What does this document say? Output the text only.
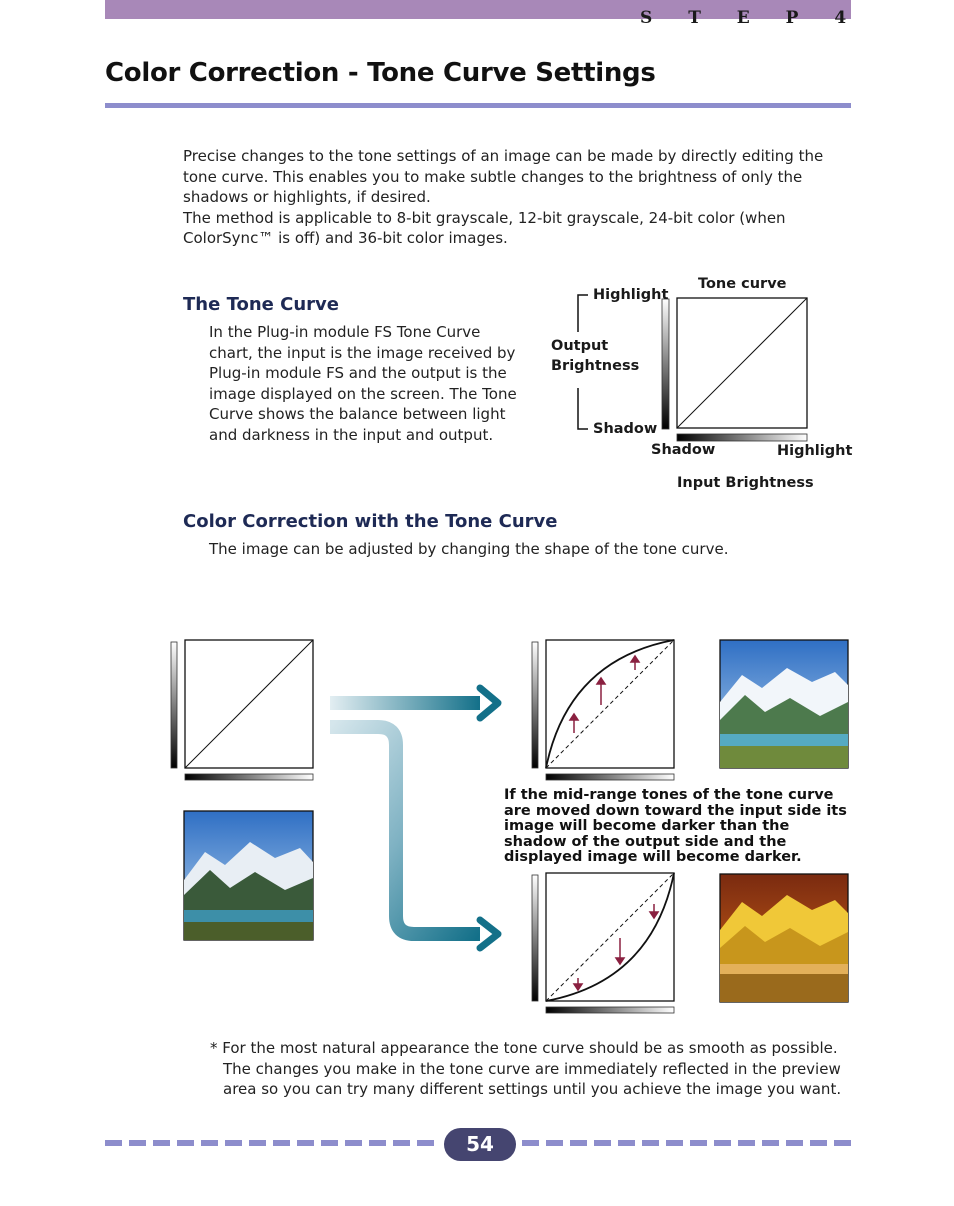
S T E P 4
Color Correction - Tone Curve Settings

Precise changes to the tone settings of an image can be made by directly editing the tone curve. This enables you to make subtle changes to the brightness of only the shadows or highlights, if desired.

The method is applicable to 8-bit grayscale, 12-bit grayscale, 24-bit color (when ColorSync™ is off) and 36-bit color images.

The Tone Curve
In the Plug-in module FS Tone Curve chart, the input is the image received by Plug-in module FS and the output is the image displayed on the screen. The Tone Curve shows the balance between light and darkness in the input and output.
Tone curve
Highlight
Output
Brightness
Shadow
Shadow	Highlight
Input Brightness
Color Correction with the Tone Curve
The image can be adjusted by changing the shape of the tone curve.
If the mid-range tones of the tone curve are moved down toward the input side its image will become darker than the shadow of the output side and the displayed image will become darker.
* For the most natural appearance the tone curve should be as smooth as possible.
The changes you make in the tone curve are immediately reflected in the preview area so you can try many different settings until you achieve the image you want.
54
